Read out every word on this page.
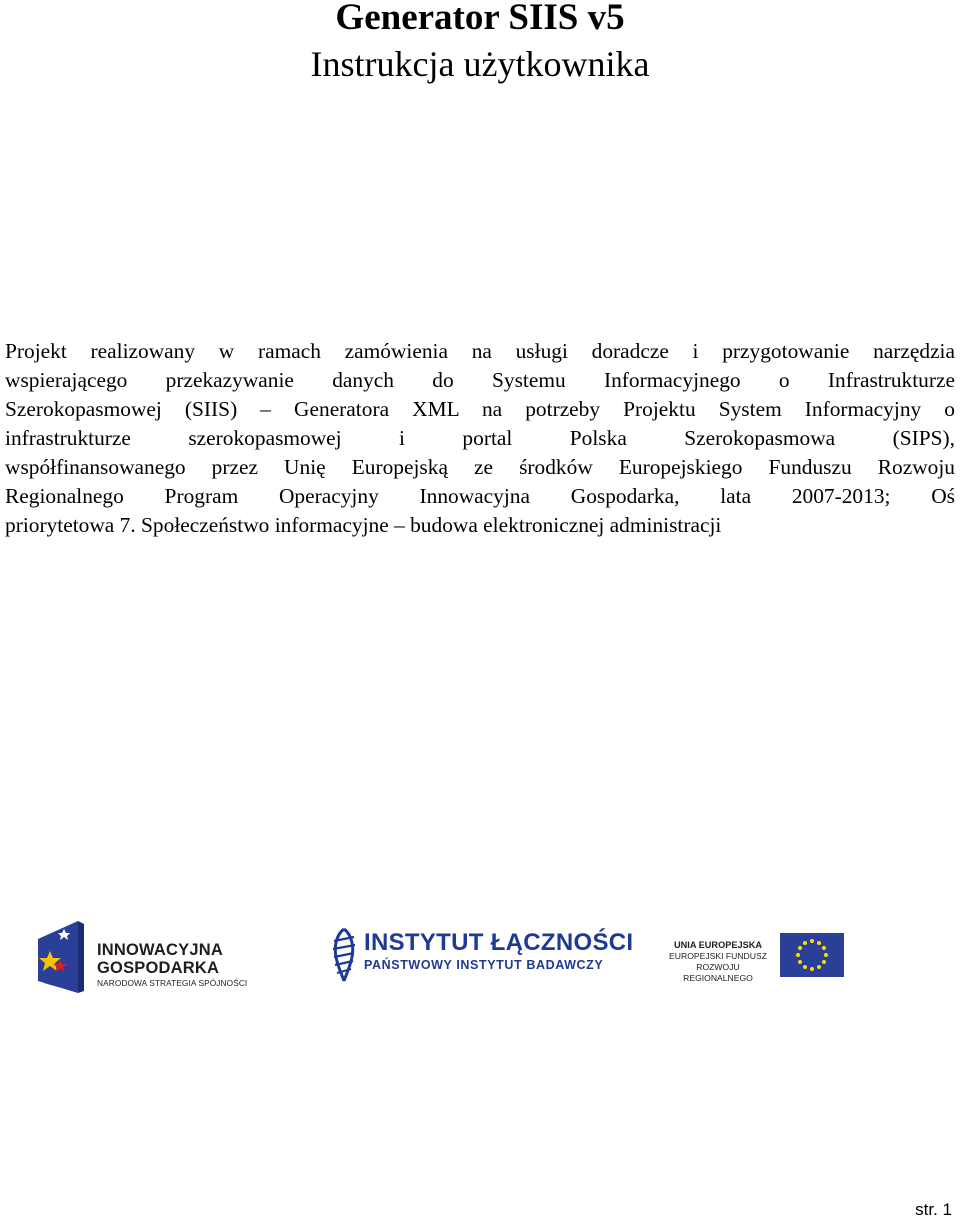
Generator SIIS v5
Instrukcja użytkownika
Projekt realizowany w ramach zamówienia na usługi doradcze i przygotowanie narzędzia
wspierającego przekazywanie danych do Systemu Informacyjnego o Infrastrukturze
Szerokopasmowej (SIIS) – Generatora XML na potrzeby Projektu System Informacyjny o
infrastrukturze szerokopasmowej i portal Polska Szerokopasmowa (SIPS),
współfinansowanego przez Unię Europejską ze środków Europejskiego Funduszu Rozwoju
Regionalnego Program Operacyjny Innowacyjna Gospodarka, lata 2007-2013; Oś
priorytetowa 7. Społeczeństwo informacyjne – budowa elektronicznej administracji
INNOWACYJNA
GOSPODARKA
NARODOWA STRATEGIA SPÓJNOŚCI
INSTYTUT ŁĄCZNOŚCI
PAŃSTWOWY INSTYTUT BADAWCZY
UNIA EUROPEJSKA
EUROPEJSKI FUNDUSZ
ROZWOJU REGIONALNEGO
str. 1
